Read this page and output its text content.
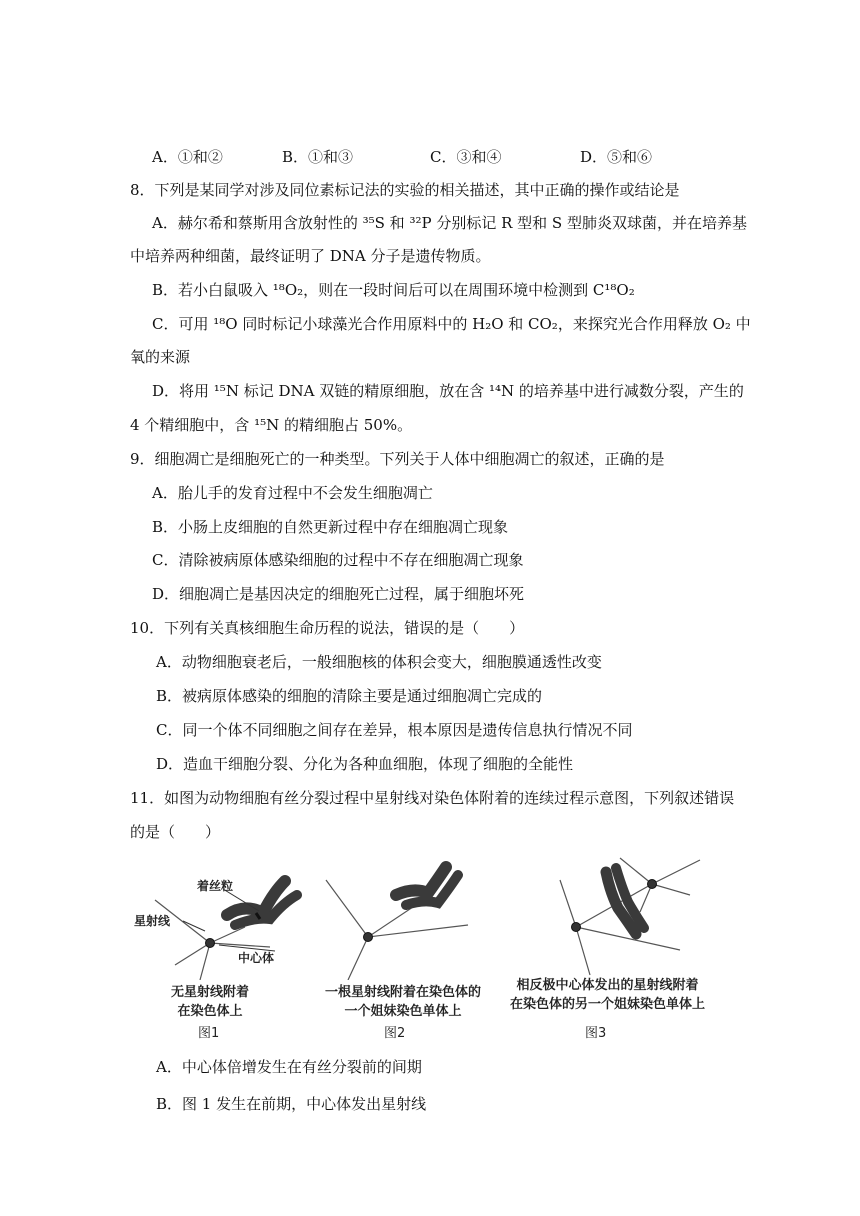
A．①和②	B．①和③	C．③和④	D．⑤和⑥
8．下列是某同学对涉及同位素标记法的实验的相关描述，其中正确的操作或结论是
A．赫尔希和蔡斯用含放射性的 ³⁵S 和 ³²P 分别标记 R 型和 S 型肺炎双球菌，并在培养基
中培养两种细菌，最终证明了 DNA 分子是遗传物质。
B．若小白鼠吸入 ¹⁸O₂，则在一段时间后可以在周围环境中检测到 C¹⁸O₂
C．可用 ¹⁸O 同时标记小球藻光合作用原料中的 H₂O 和 CO₂，来探究光合作用释放 O₂ 中
氧的来源
D．将用 ¹⁵N 标记 DNA 双链的精原细胞，放在含 ¹⁴N 的培养基中进行减数分裂，产生的
4 个精细胞中，含 ¹⁵N 的精细胞占 50%。
9．细胞凋亡是细胞死亡的一种类型。下列关于人体中细胞凋亡的叙述，正确的是
A．胎儿手的发育过程中不会发生细胞凋亡
B．小肠上皮细胞的自然更新过程中存在细胞凋亡现象
C．清除被病原体感染细胞的过程中不存在细胞凋亡现象
D．细胞凋亡是基因决定的细胞死亡过程，属于细胞坏死
10．下列有关真核细胞生命历程的说法，错误的是（　　）
A．动物细胞衰老后，一般细胞核的体积会变大，细胞膜通透性改变
B．被病原体感染的细胞的清除主要是通过细胞凋亡完成的
C．同一个体不同细胞之间存在差异，根本原因是遗传信息执行情况不同
D．造血干细胞分裂、分化为各种血细胞，体现了细胞的全能性
11．如图为动物细胞有丝分裂过程中星射线对染色体附着的连续过程示意图，下列叙述错误
的是（　　）
着丝粒
星射线
中心体
无星射线附着
在染色体上
图1
一根星射线附着在染色体的
一个姐妹染色单体上
图2
相反极中心体发出的星射线附着
在染色体的另一个姐妹染色单体上
图3
A．中心体倍增发生在有丝分裂前的间期
B．图 1 发生在前期，中心体发出星射线
